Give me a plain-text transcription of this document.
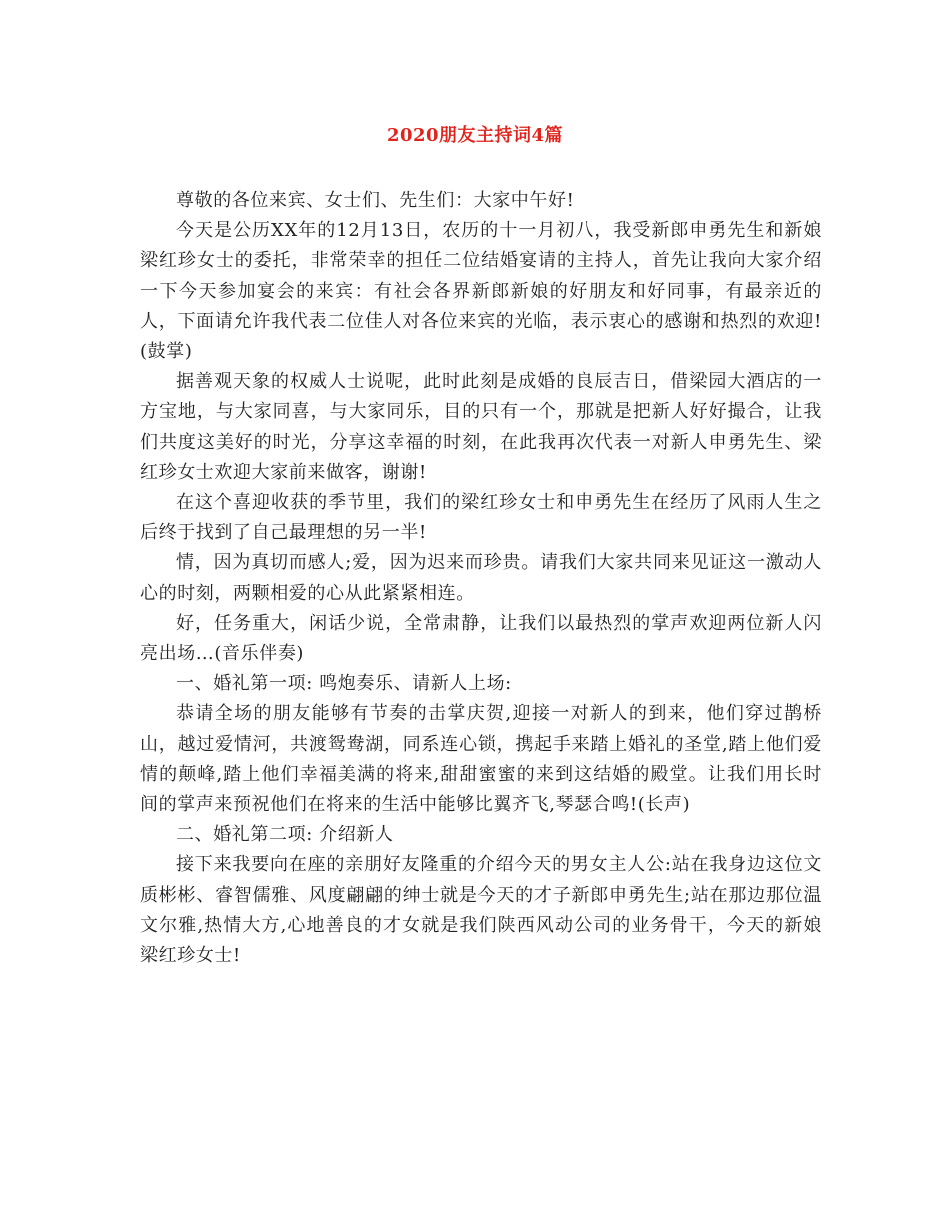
2020朋友主持词4篇

尊敬的各位来宾、女士们、先生们：大家中午好!

今天是公历XX年的12月13日，农历的十一月初八，我受新郎申勇先生和新娘梁红珍女士的委托，非常荣幸的担任二位结婚宴请的主持人，首先让我向大家介绍一下今天参加宴会的来宾：有社会各界新郎新娘的好朋友和好同事，有最亲近的人，下面请允许我代表二位佳人对各位来宾的光临，表示衷心的感谢和热烈的欢迎!(鼓掌)

据善观天象的权威人士说呢，此时此刻是成婚的良辰吉日，借梁园大酒店的一方宝地，与大家同喜，与大家同乐，目的只有一个，那就是把新人好好撮合，让我们共度这美好的时光，分享这幸福的时刻，在此我再次代表一对新人申勇先生、梁红珍女士欢迎大家前来做客，谢谢!

在这个喜迎收获的季节里，我们的梁红珍女士和申勇先生在经历了风雨人生之后终于找到了自己最理想的另一半!

情，因为真切而感人;爱，因为迟来而珍贵。请我们大家共同来见证这一激动人心的时刻，两颗相爱的心从此紧紧相连。

好，任务重大，闲话少说，全常肃静，让我们以最热烈的掌声欢迎两位新人闪亮出场…(音乐伴奏)

一、婚礼第一项: 鸣炮奏乐、请新人上场:

恭请全场的朋友能够有节奏的击掌庆贺,迎接一对新人的到来，他们穿过鹊桥山，越过爱情河，共渡鸳鸯湖，同系连心锁，携起手来踏上婚礼的圣堂,踏上他们爱情的颠峰,踏上他们幸福美满的将来,甜甜蜜蜜的来到这结婚的殿堂。让我们用长时间的掌声来预祝他们在将来的生活中能够比翼齐飞,琴瑟合鸣!(长声)

二、婚礼第二项: 介绍新人

接下来我要向在座的亲朋好友隆重的介绍今天的男女主人公:站在我身边这位文质彬彬、睿智儒雅、风度翩翩的绅士就是今天的才子新郎申勇先生;站在那边那位温文尔雅,热情大方,心地善良的才女就是我们陕西风动公司的业务骨干，今天的新娘梁红珍女士!
